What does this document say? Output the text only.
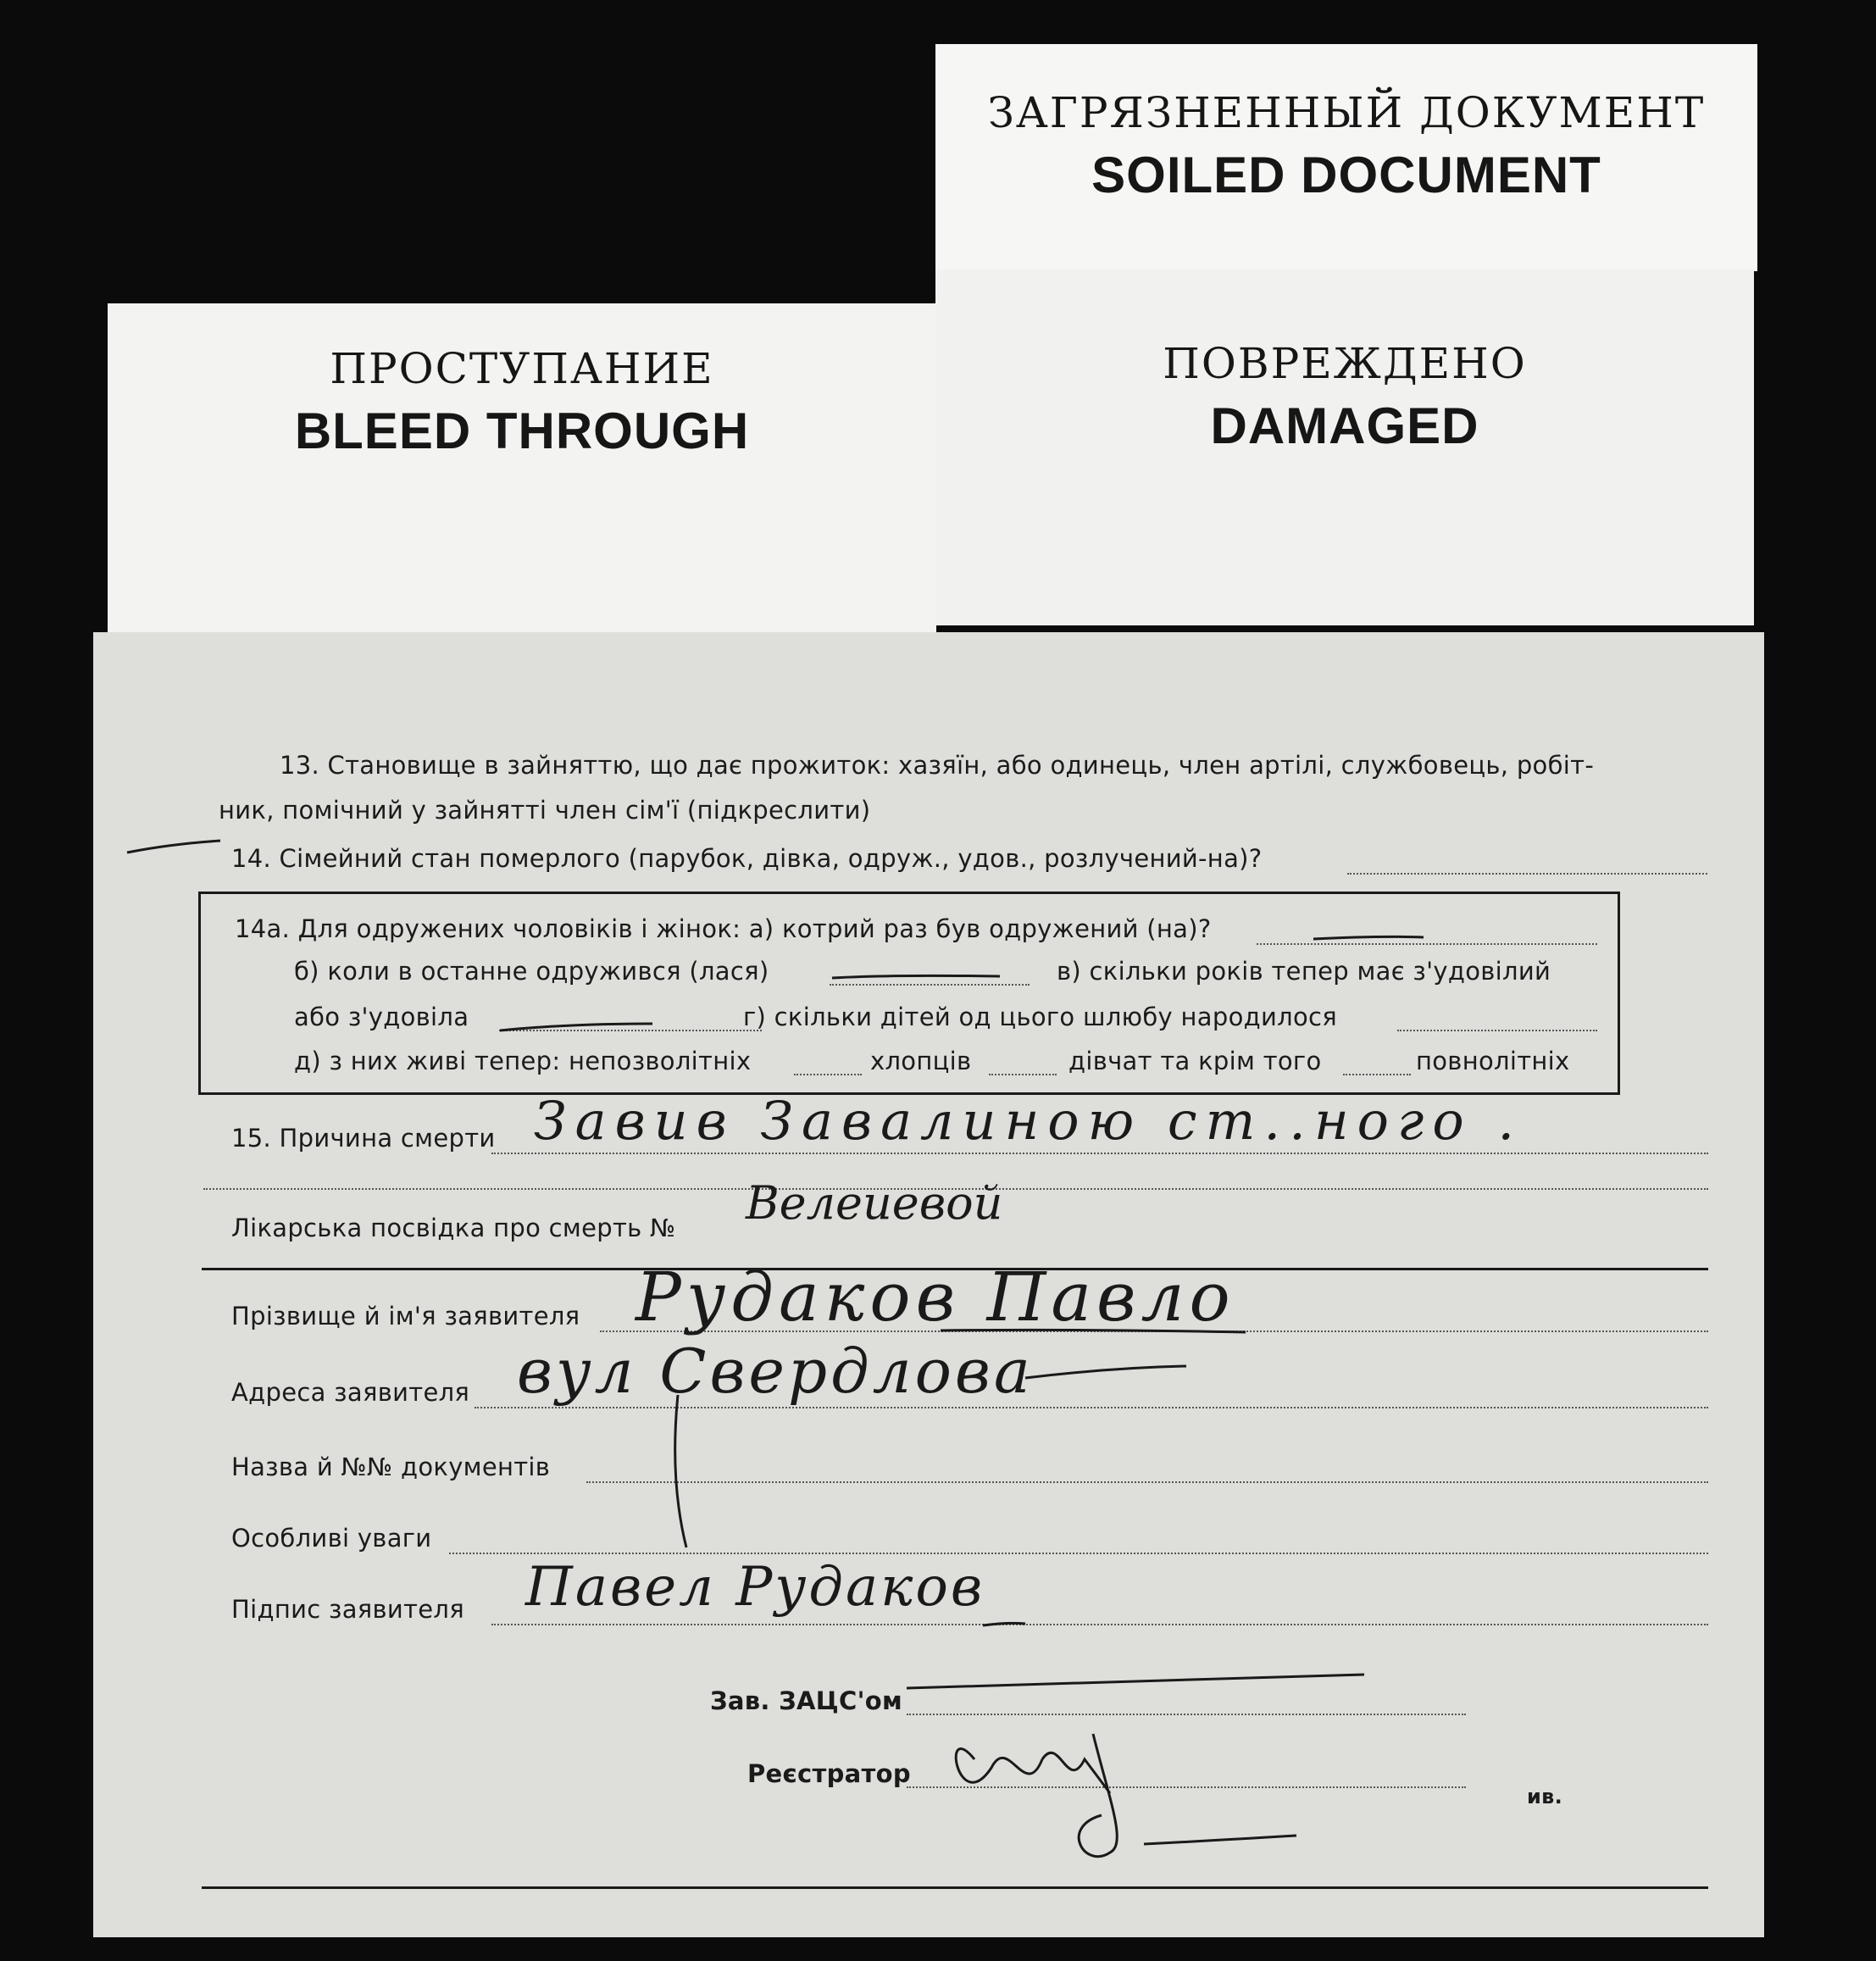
ЗАГРЯЗНЕННЫЙ ДОКУМЕНТ
SOILED DOCUMENT
ПОВРЕЖДЕНО
DAMAGED
ПРОСТУПАНИЕ
BLEED THROUGH
13. Становище в зайняттю, що дає прожиток: хазяїн, або одинець, член артілі, службовець, робіт-
ник, помічний у зайнятті член сім'ї (підкреслити)
14. Сімейний стан померлого (парубок, дівка, одруж., удов., розлучений-на)?
14а. Для одружених чоловіків і жінок: а) котрий раз був одружений (на)?
б) коли в останне одружився (лася)	в) скільки років тепер має з'удовілий
або з'удовіла	г) скільки дітей од цього шлюбу народилося
д) з них живі тепер: непозволітніх	хлопців	дівчат та крім того	повнолітніх
15. Причина смерти Завив Завалиною ст..ного .
Лікарська посвідка про смерть № Велеиевой
Прізвище й ім'я заявителя Рудаков Павло
Адреса заявителя вул Свердлова
Назва й №№ документів
Особливі уваги
Підпис заявителя Павел Рудаков
Зав. ЗАЦС'ом
Реєстратор
ив.
